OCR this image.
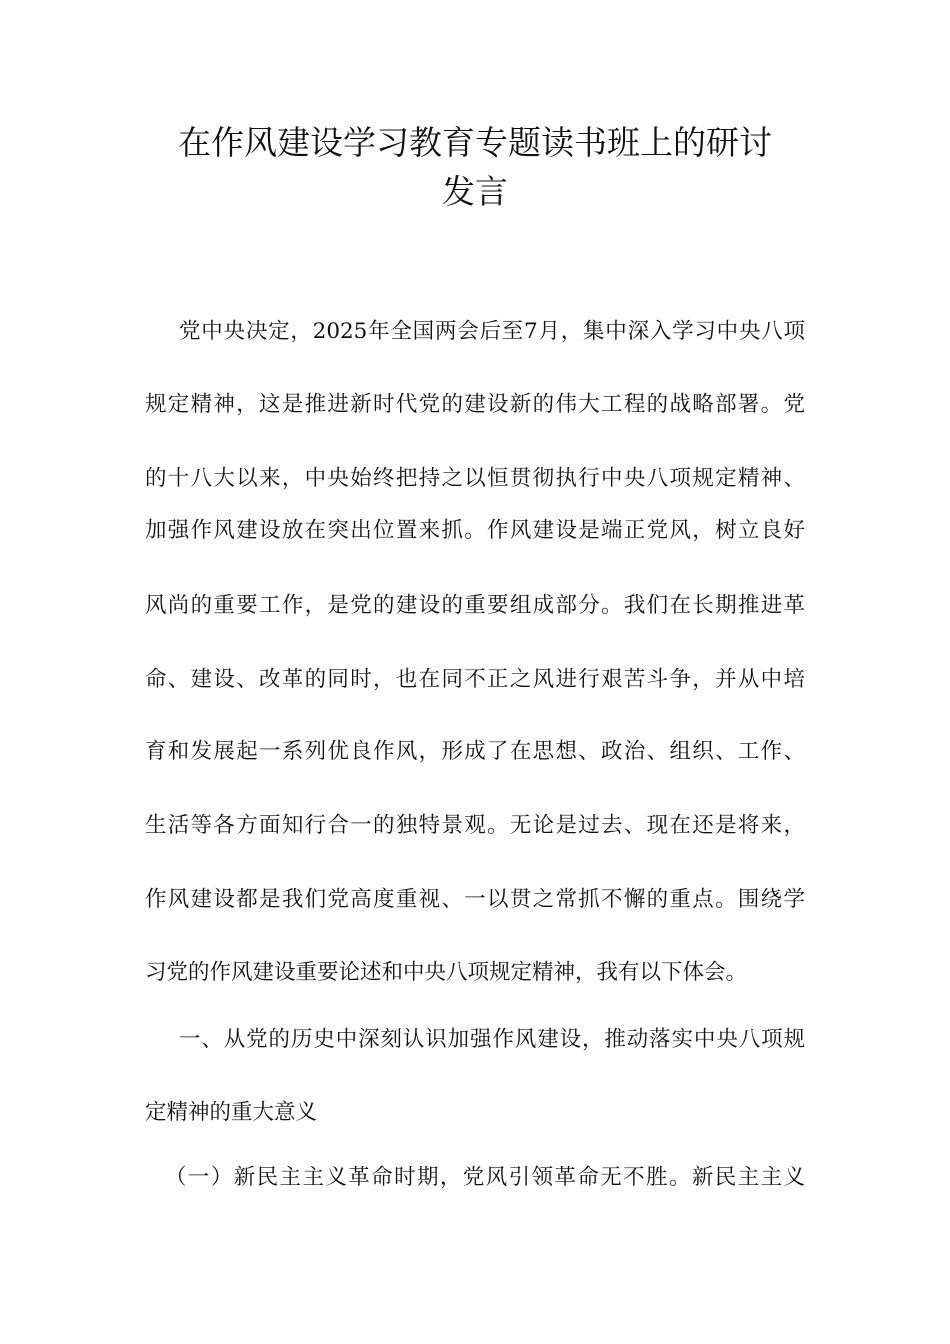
在作风建设学习教育专题读书班上的研讨
发言
党中央决定，2025年全国两会后至7月，集中深入学习中央八项
规定精神，这是推进新时代党的建设新的伟大工程的战略部署。党
的十八大以来，中央始终把持之以恒贯彻执行中央八项规定精神、
加强作风建设放在突出位置来抓。作风建设是端正党风，树立良好
风尚的重要工作，是党的建设的重要组成部分。我们在长期推进革
命、建设、改革的同时，也在同不正之风进行艰苦斗争，并从中培
育和发展起一系列优良作风，形成了在思想、政治、组织、工作、
生活等各方面知行合一的独特景观。无论是过去、现在还是将来，
作风建设都是我们党高度重视、一以贯之常抓不懈的重点。围绕学
习党的作风建设重要论述和中央八项规定精神，我有以下体会。
一、从党的历史中深刻认识加强作风建设，推动落实中央八项规
定精神的重大意义
（一）新民主主义革命时期，党风引领革命无不胜。新民主主义
